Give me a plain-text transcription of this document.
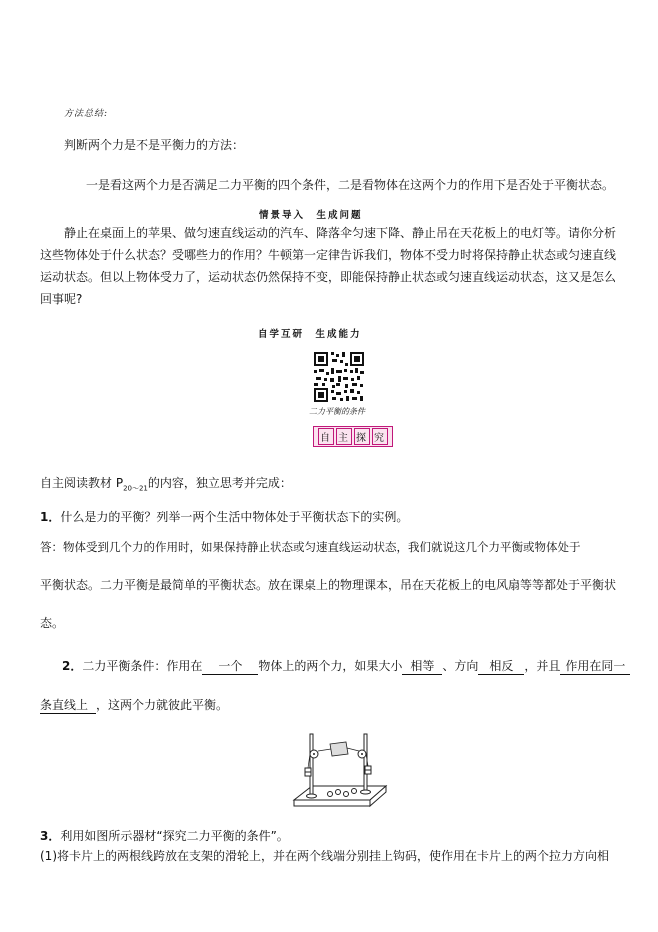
方法总结:
判断两个力是不是平衡力的方法：
一是看这两个力是否满足二力平衡的四个条件，二是看物体在这两个力的作用下是否处于平衡状态。
情景导入　生成问题
静止在桌面上的苹果、做匀速直线运动的汽车、降落伞匀速下降、静止吊在天花板上的电灯等。请你分析这些物体处于什么状态？受哪些力的作用？牛顿第一定律告诉我们，物体不受力时将保持静止状态或匀速直线运动状态。但以上物体受力了，运动状态仍然保持不变，即能保持静止状态或匀速直线运动状态，这又是怎么回事呢?
自学互研　生成能力
二力平衡的条件
自 主 探 究
自主阅读教材 $P_{20\sim 21}$的内容，独立思考并完成：
1．什么是力的平衡？列举一两个生活中物体处于平衡状态下的实例。
答：物体受到几个力的作用时，如果保持静止状态或匀速直线运动状态，我们就说这几个力平衡或物体处于
平衡状态。二力平衡是最简单的平衡状态。放在课桌上的物理课本，吊在天花板上的电风扇等等都处于平衡状
态。
2．二力平衡条件：作用在 一个 物体上的两个力，如果大小 相等 、方向 相反 ，并且 作用在同一
条直线上 ，这两个力就彼此平衡。
3．利用如图所示器材“探究二力平衡的条件”。
(1)将卡片上的两根线跨放在支架的滑轮上，并在两个线端分别挂上钩码，使作用在卡片上的两个拉力方向相
